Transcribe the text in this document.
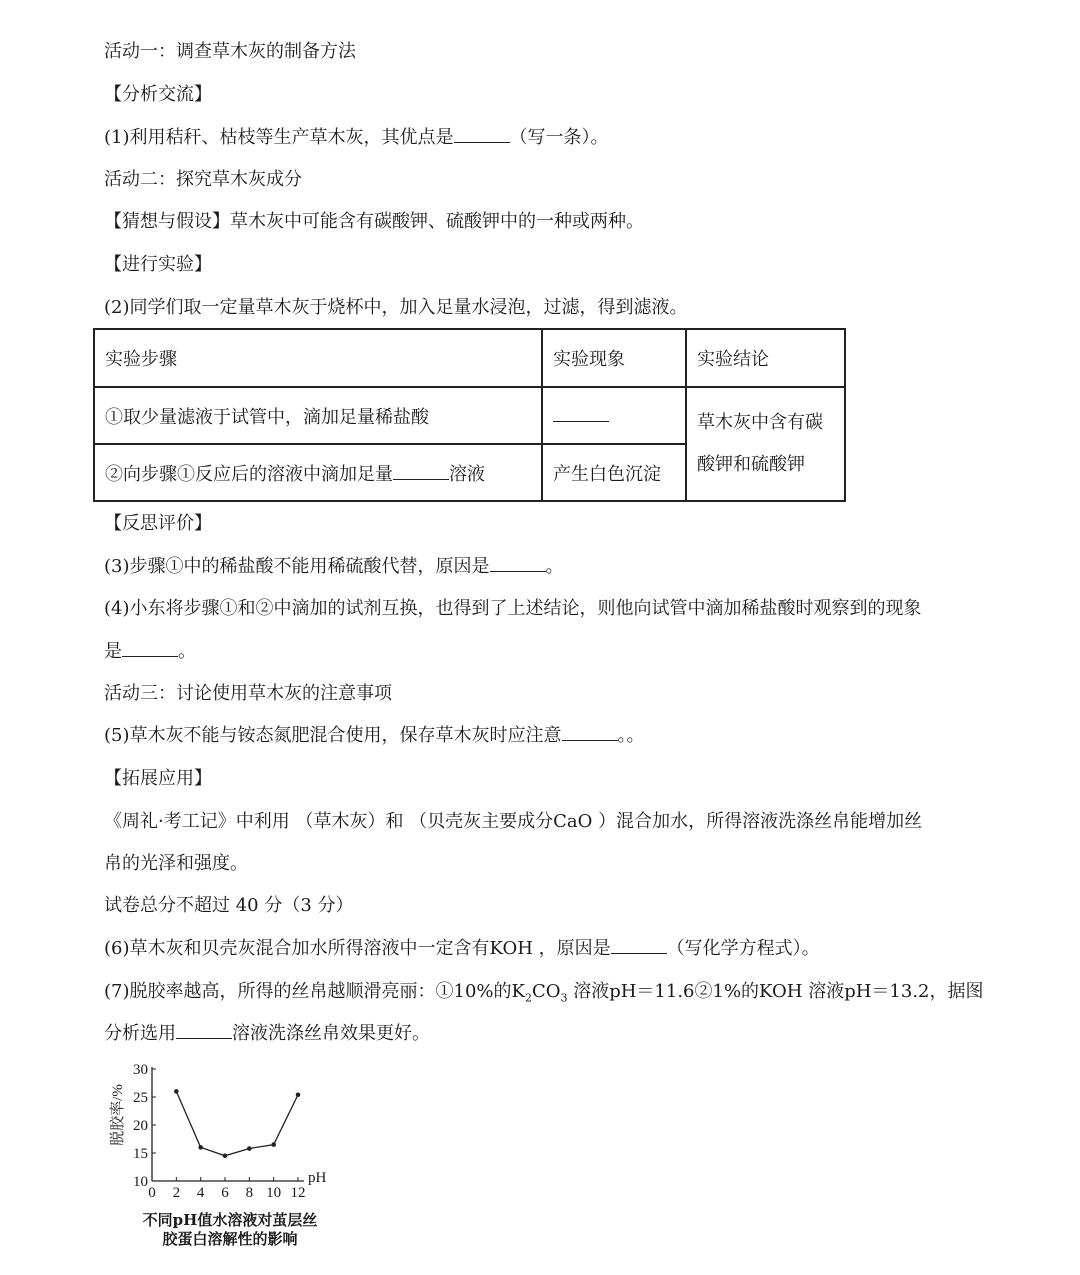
活动一：调查草木灰的制备方法
【分析交流】
(1)利用秸秆、枯枝等生产草木灰，其优点是	（写一条）。
活动二：探究草木灰成分
【猜想与假设】草木灰中可能含有碳酸钾、硫酸钾中的一种或两种。
【进行实验】
(2)同学们取一定量草木灰于烧杯中，加入足量水浸泡，过滤，得到滤液。
实验步骤	实验现象	实验结论
①取少量滤液于试管中，滴加足量稀盐酸		草木灰中含有碳
酸钾和硫酸钾

②向步骤①反应后的溶液中滴加足量 溶液	产生白色沉淀	
【反思评价】
(3)步骤①中的稀盐酸不能用稀硫酸代替，原因是	。
(4)小东将步骤①和②中滴加的试剂互换，也得到了上述结论，则他向试管中滴加稀盐酸时观察到的现象
是	。
活动三：讨论使用草木灰的注意事项
(5)草木灰不能与铵态氮肥混合使用，保存草木灰时应注意	。。
【拓展应用】
《周礼·考工记》中利用 （草木灰）和 （贝壳灰主要成分CaO ）混合加水，所得溶液洗涤丝帛能增加丝
帛的光泽和强度。
试卷总分不超过 40 分（3 分）
(6)草木灰和贝壳灰混合加水所得溶液中一定含有KOH ，原因是	（写化学方程式）。
(7)脱胶率越高，所得的丝帛越顺滑亮丽：①10%的$K_2CO_3$ 溶液pH＝11.6②1%的KOH 溶液pH＝13.2，据图
分析选用	溶液洗涤丝帛效果更好。
脱胶率/%
pH
10
15
20
25
30
0 2 4 6 8 10 12
不同pH值水溶液对茧层丝
胶蛋白溶解性的影响
